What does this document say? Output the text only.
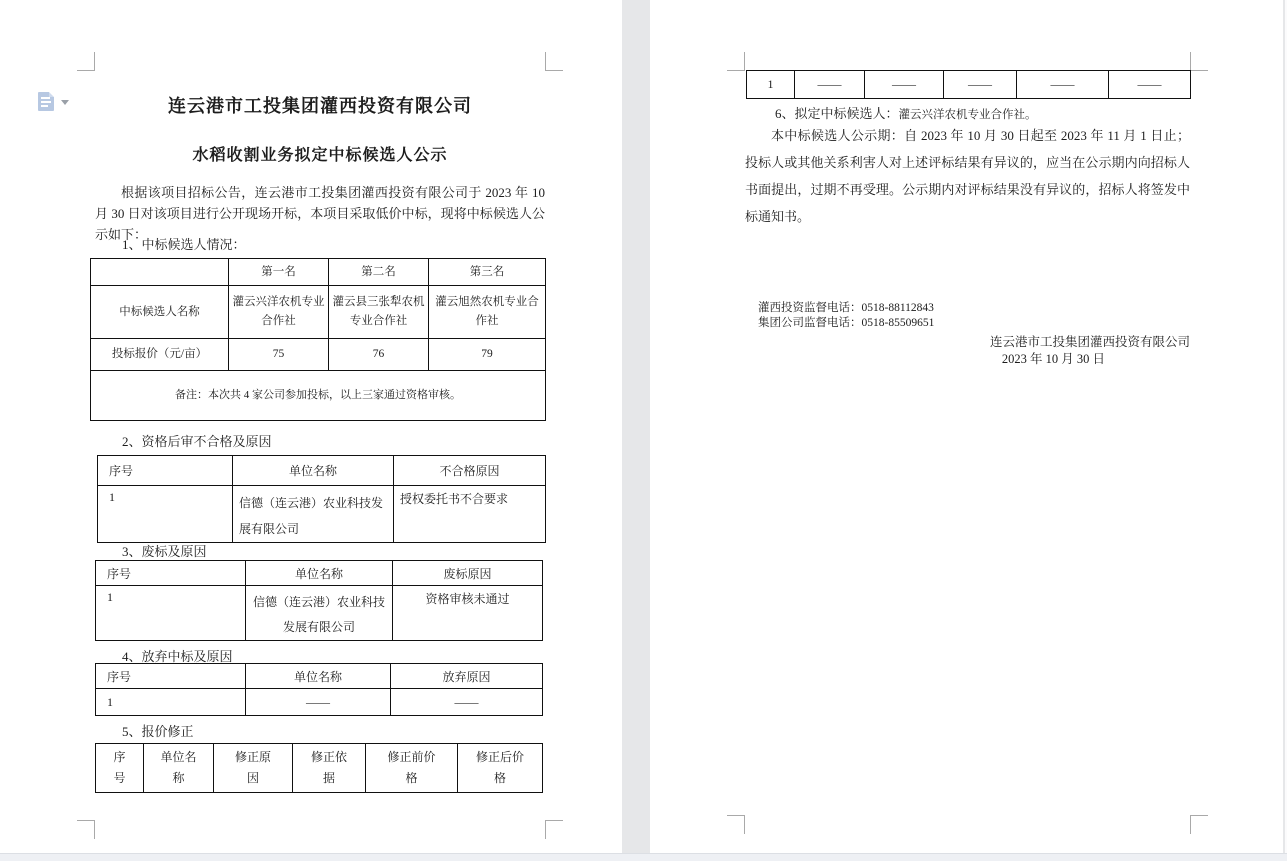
连云港市工投集团灌西投资有限公司
水稻收割业务拟定中标候选人公示
根据该项目招标公告，连云港市工投集团灌西投资有限公司于 2023 年 10 月 30 日对该项目进行公开现场开标，本项目采取低价中标，现将中标候选人公示如下：
1、中标候选人情况：
	第一名	第二名	第三名
中标候选人名称	灌云兴洋农机专业合作社	灌云县三张犁农机专业合作社	灌云旭然农机专业合作社
投标报价（元/亩）	75	76	79
备注：本次共 4 家公司参加投标，以上三家通过资格审核。			
2、资格后审不合格及原因
序号	单位名称	不合格原因
1	信德（连云港）农业科技发展有限公司	授权委托书不合要求
3、废标及原因
序号	单位名称	废标原因
1	信德（连云港）农业科技发展有限公司	资格审核未通过
4、放弃中标及原因
序号	单位名称	放弃原因
1	——	——
5、报价修正
序号	单位名称	修正原因	修正依据	修正前价格	修正后价格
1	——	——	——	——	——
6、拟定中标候选人：灌云兴洋农机专业合作社。
本中标候选人公示期：自 2023 年 10 月 30 日起至 2023 年 11 月 1 日止；投标人或其他关系利害人对上述评标结果有异议的，应当在公示期内向招标人书面提出，过期不再受理。公示期内对评标结果没有异议的，招标人将签发中标通知书。
灌西投资监督电话：0518-88112843
集团公司监督电话：0518-85509651
连云港市工投集团灌西投资有限公司
2023 年 10 月 30 日
